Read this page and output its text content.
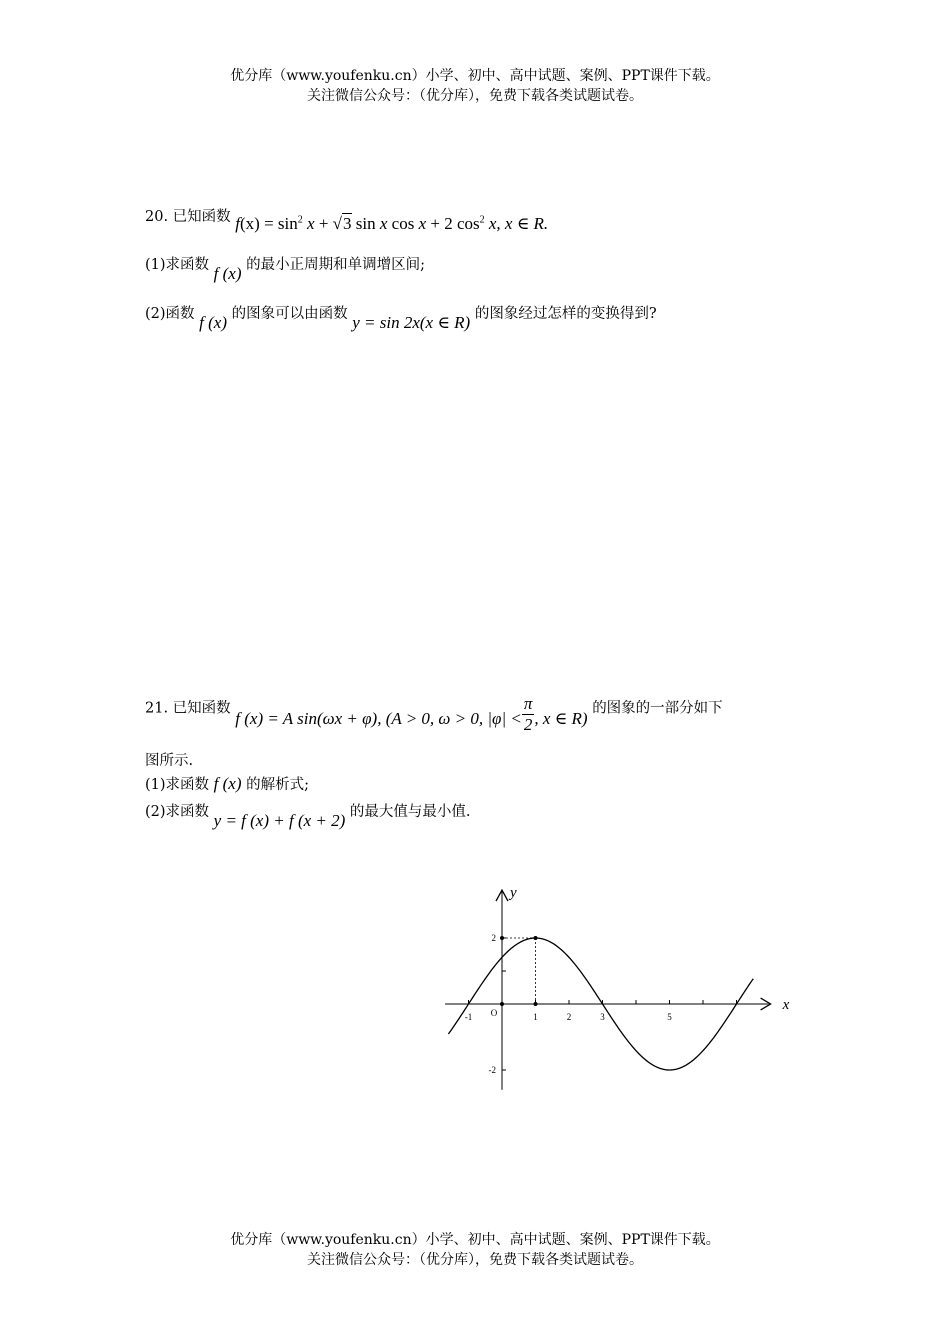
优分库（www.youfenku.cn）小学、初中、高中试题、案例、PPT课件下载。
关注微信公众号：（优分库），免费下载各类试题试卷。
20. 已知函数 $f(x) = \sin^2 x + √3$ sin x cos x + 2 $\cos^2 x$, x ∈ R.
(1)求函数 f (x) 的最小正周期和单调增区间;
(2)函数 f (x) 的图象可以由函数 y = sin 2x(x ∈ R) 的图象经过怎样的变换得到?
21. 已知函数 f (x) = A sin(ωx + φ), (A > 0, ω > 0, $|\varphi| < \frac{\pi}{2}$ , x ∈ R) 的图象的一部分如下
图所示.
(1)求函数 f (x) 的解析式;
(2)求函数 y = f (x) + f (x + 2) 的最大值与最小值.
x
y
O
-1	1	2	3	5
2
-2
优分库（www.youfenku.cn）小学、初中、高中试题、案例、PPT课件下载。
关注微信公众号：（优分库），免费下载各类试题试卷。
